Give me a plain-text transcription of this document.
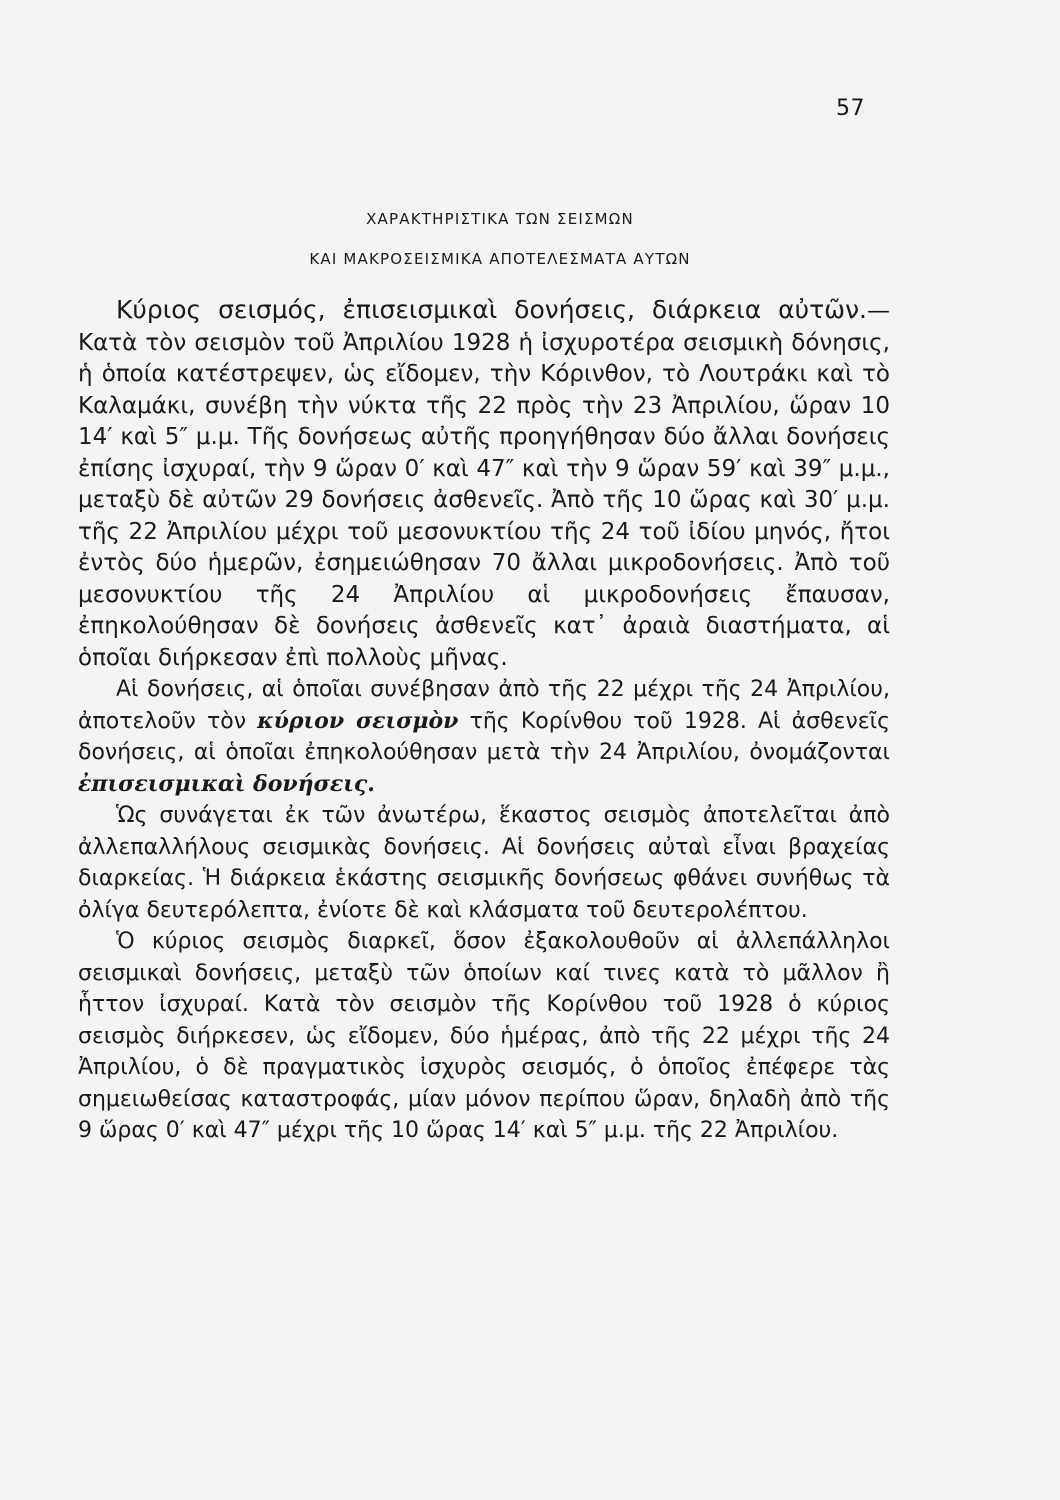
57
ΧΑΡΑΚΤΗΡΙΣΤΙΚΑ ΤΩΝ ΣΕΙΣΜΩΝ
ΚΑΙ ΜΑΚΡΟΣΕΙΣΜΙΚΑ ΑΠΟΤΕΛΕΣΜΑΤΑ ΑΥΤΩΝ

Κύριος σεισμός, ἐπισεισμικαὶ δονήσεις, διάρκεια αὐτῶν.— Κατὰ τὸν σεισμὸν τοῦ Ἀπριλίου 1928 ἡ ἰσχυροτέρα σεισμικὴ δόνησις, ἡ ὁποία κατέστρεψεν, ὡς εἴδομεν, τὴν Κόρινθον, τὸ Λουτράκι καὶ τὸ Καλαμάκι, συνέβη τὴν νύκτα τῆς 22 πρὸς τὴν 23 Ἀπριλίου, ὥραν 10 14′ καὶ 5″ μ.μ. Τῆς δονήσεως αὐτῆς προηγήθησαν δύο ἄλλαι δονήσεις ἐπίσης ἰσχυραί, τὴν 9 ὥραν 0′ καὶ 47″ καὶ τὴν 9 ὥραν 59′ καὶ 39″ μ.μ., μεταξὺ δὲ αὐτῶν 29 δονήσεις ἀσθενεῖς. Ἀπὸ τῆς 10 ὥρας καὶ 30′ μ.μ. τῆς 22 Ἀπριλίου μέχρι τοῦ μεσονυκτίου τῆς 24 τοῦ ἰδίου μηνός, ἤτοι ἐντὸς δύο ἡμερῶν, ἐσημειώθησαν 70 ἄλλαι μικροδονήσεις. Ἀπὸ τοῦ μεσονυκτίου τῆς 24 Ἀπριλίου αἱ μικροδονήσεις ἔπαυσαν, ἐπηκολούθησαν δὲ δονήσεις ἀσθενεῖς κατ᾽ ἀραιὰ διαστήματα, αἱ ὁποῖαι διήρκεσαν ἐπὶ πολλοὺς μῆνας.

Αἱ δονήσεις, αἱ ὁποῖαι συνέβησαν ἀπὸ τῆς 22 μέχρι τῆς 24 Ἀπριλίου, ἀποτελοῦν τὸν κύριον σεισμὸν τῆς Κορίνθου τοῦ 1928. Αἱ ἀσθενεῖς δονήσεις, αἱ ὁποῖαι ἐπηκολούθησαν μετὰ τὴν 24 Ἀπριλίου, ὀνομάζονται ἐπισεισμικαὶ δονήσεις.

Ὡς συνάγεται ἐκ τῶν ἀνωτέρω, ἕκαστος σεισμὸς ἀποτελεῖται ἀπὸ ἀλλεπαλλήλους σεισμικὰς δονήσεις. Αἱ δονήσεις αὐταὶ εἶναι βραχείας διαρκείας. Ἡ διάρκεια ἑκάστης σεισμικῆς δονήσεως φθάνει συνήθως τὰ ὀλίγα δευτερόλεπτα, ἐνίοτε δὲ καὶ κλάσματα τοῦ δευτερολέπτου.

Ὁ κύριος σεισμὸς διαρκεῖ, ὅσον ἐξακολουθοῦν αἱ ἀλλεπάλληλοι σεισμικαὶ δονήσεις, μεταξὺ τῶν ὁποίων καί τινες κατὰ τὸ μᾶλλον ἢ ἧττον ἰσχυραί. Κατὰ τὸν σεισμὸν τῆς Κορίνθου τοῦ 1928 ὁ κύριος σεισμὸς διήρκεσεν, ὡς εἴδομεν, δύο ἡμέρας, ἀπὸ τῆς 22 μέχρι τῆς 24 Ἀπριλίου, ὁ δὲ πραγματικὸς ἰσχυρὸς σεισμός, ὁ ὁποῖος ἐπέφερε τὰς σημειωθείσας καταστροφάς, μίαν μόνον περίπου ὥραν, δηλαδὴ ἀπὸ τῆς 9 ὥρας 0′ καὶ 47″ μέχρι τῆς 10 ὥρας 14′ καὶ 5″ μ.μ. τῆς 22 Ἀπριλίου.
